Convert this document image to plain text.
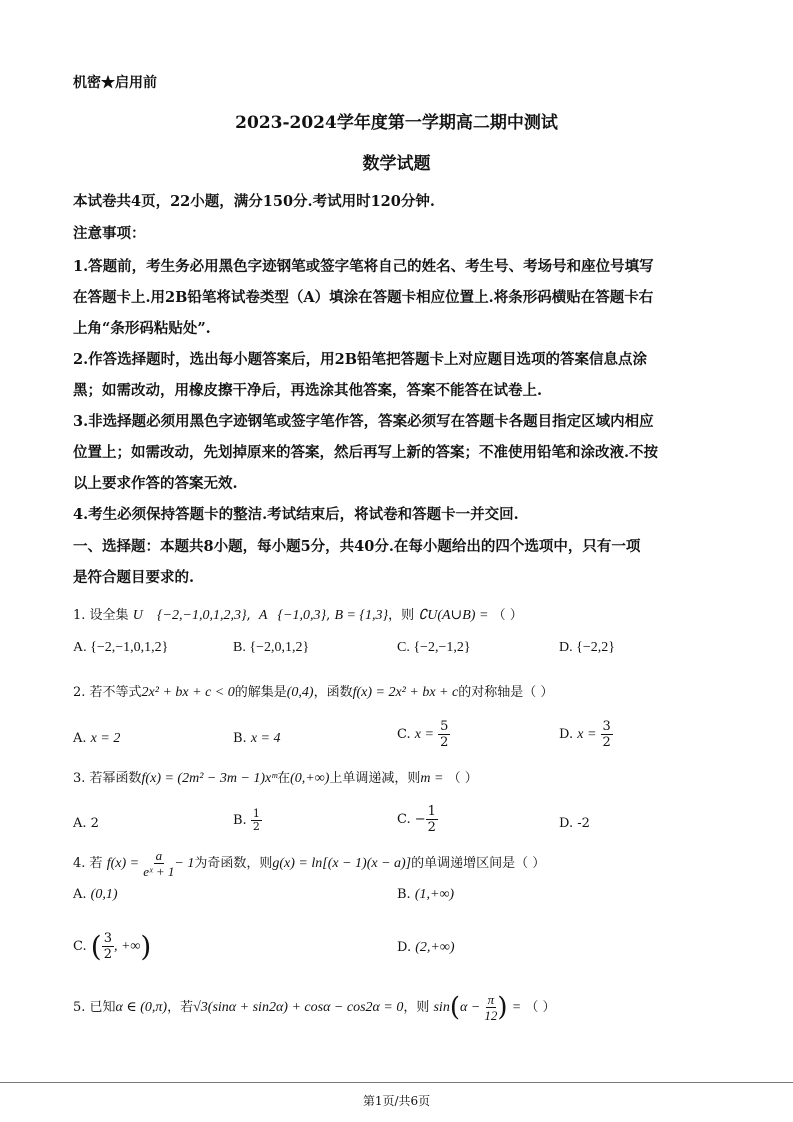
机密★启用前
2023-2024学年度第一学期高二期中测试
数学试题
本试卷共4页，22小题，满分150分.考试用时120分钟.
注意事项：
1.答题前，考生务必用黑色字迹钢笔或签字笔将自己的姓名、考生号、考场号和座位号填写
在答题卡上.用2B铅笔将试卷类型（A）填涂在答题卡相应位置上.将条形码横贴在答题卡右
上角“条形码粘贴处”.
2.作答选择题时，选出每小题答案后，用2B铅笔把答题卡上对应题目选项的答案信息点涂
黑；如需改动，用橡皮擦干净后，再选涂其他答案，答案不能答在试卷上.
3.非选择题必须用黑色字迹钢笔或签字笔作答，答案必须写在答题卡各题目指定区域内相应
位置上；如需改动，先划掉原来的答案，然后再写上新的答案；不准使用铅笔和涂改液.不按
以上要求作答的答案无效.
4.考生必须保持答题卡的整洁.考试结束后，将试卷和答题卡一并交回.
一、选择题：本题共8小题，每小题5分，共40分.在每小题给出的四个选项中，只有一项
是符合题目要求的.
1. 设全集 U {−2,−1,0,1,2,3}, A {−1,0,3}, B = {1,3}，则 ∁U(A∪B) = （ ）
A. {−2,−1,0,1,2}	B. {−2,0,1,2}	C. {−2,−1,2}	D. {−2,2}
2. 若不等式2x² + bx + c < 0的解集是(0,4)，函数f(x) = 2x² + bx + c的对称轴是（ ）
A. x = 2	B. x = 4	C. $x = \frac{5}{2}$	D. $x = \frac{3}{2}$
3. 若幂函数f(x) = (2m² − 3m − 1)xᵐ在(0,+∞)上单调递减，则m = （ ）
A. 2	B. $\frac{1}{2}$	C. − $\frac{1}{2}$	D. -2
4. 若 $f(x) = \frac{a}{\text{eˣ + 1}} - 1$为奇函数，则g(x) = ln[(x − 1)(x − a)]的单调递增区间是（ ）
A. (0,1)	B. (1,+∞)
C. ( $\frac{3}{2}$ , +∞)	D. (2,+∞)
5. 已知α ∈ (0,π)，若√3(sinα + sin2α) + cosα − cos2α = 0，则 $\sin(\alpha - \frac{\pi}{12}$ ) = （ ）
第1页/共6页
